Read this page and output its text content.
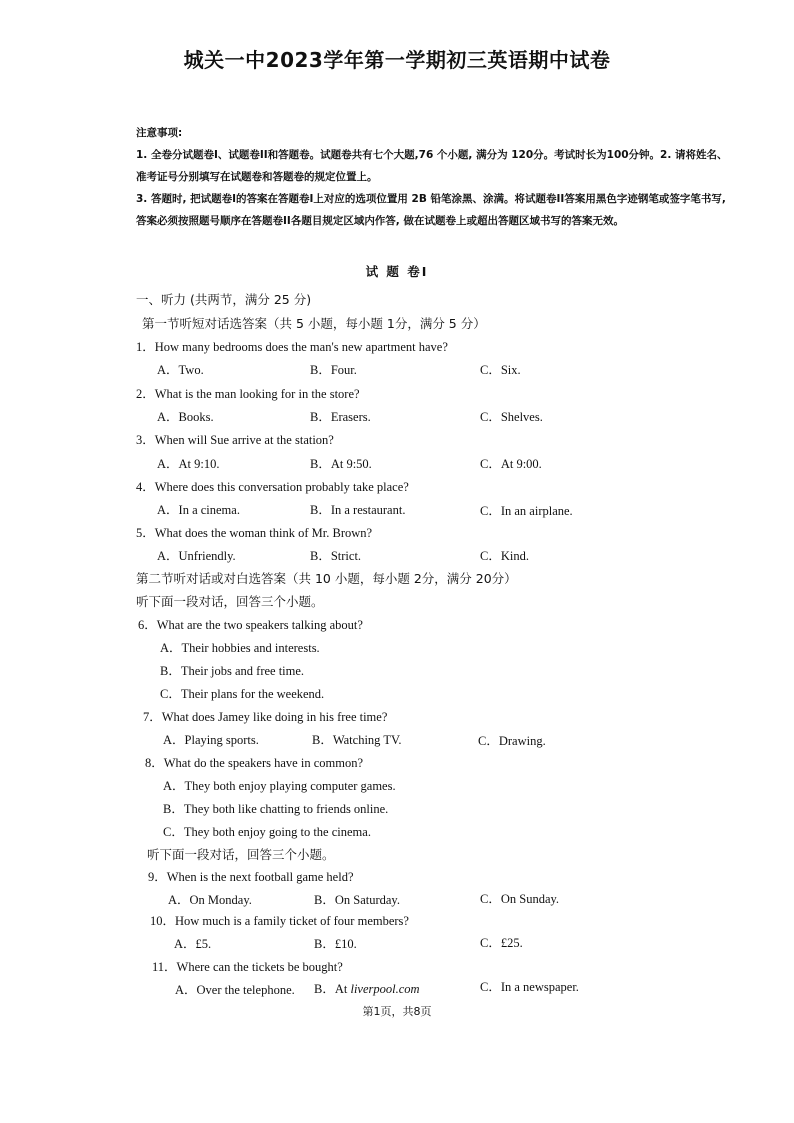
城关一中2023学年第一学期初三英语期中试卷

注意事项:

1. 全卷分试题卷I、试题卷II和答题卷。试题卷共有七个大题,76 个小题, 满分为 120分。考试时长为100分钟。2. 请将姓名、准考证号分别填写在试题卷和答题卷的规定位置上。

3. 答题时, 把试题卷I的答案在答题卷I上对应的选项位置用 2B 铅笔涂黑、涂满。将试题卷II答案用黑色字迹钢笔或签字笔书写, 答案必须按照题号顺序在答题卷II各题目规定区域内作答, 做在试题卷上或超出答题区域书写的答案无效。

试 题 卷I
一、听力 (共两节，满分 25 分)
第一节听短对话选答案（共 5 小题，每小题 1分，满分 5 分）
1．How many bedrooms does the man's new apartment have?
A．Two.	B．Four.	C．Six.
2．What is the man looking for in the store?
A．Books.	B．Erasers.	C．Shelves.
3．When will Sue arrive at the station?
A．At 9:10.	B．At 9:50.	C．At 9:00.
4．Where does this conversation probably take place?
A．In a cinema.	B．In a restaurant.	C．In an airplane.
5．What does the woman think of Mr. Brown?
A．Unfriendly.	B．Strict.	C．Kind.
第二节听对话或对白选答案（共 10 小题，每小题 2分，满分 20分）
听下面一段对话，回答三个小题。
6．What are the two speakers talking about?
A．Their hobbies and interests.
B．Their jobs and free time.
C．Their plans for the weekend.
7．What does Jamey like doing in his free time?
A．Playing sports.	B．Watching TV.	C．Drawing.
8．What do the speakers have in common?
A．They both enjoy playing computer games.
B．They both like chatting to friends online.
C．They both enjoy going to the cinema.
听下面一段对话，回答三个小题。
9．When is the next football game held?
A．On Monday.	B．On Saturday.	C．On Sunday.
10．How much is a family ticket of four members?
A．£5.	B．£10.	C．£25.
11．Where can the tickets be bought?
A．Over the telephone. B．At liverpool.com	C．In a newspaper.
第1页，共8页
